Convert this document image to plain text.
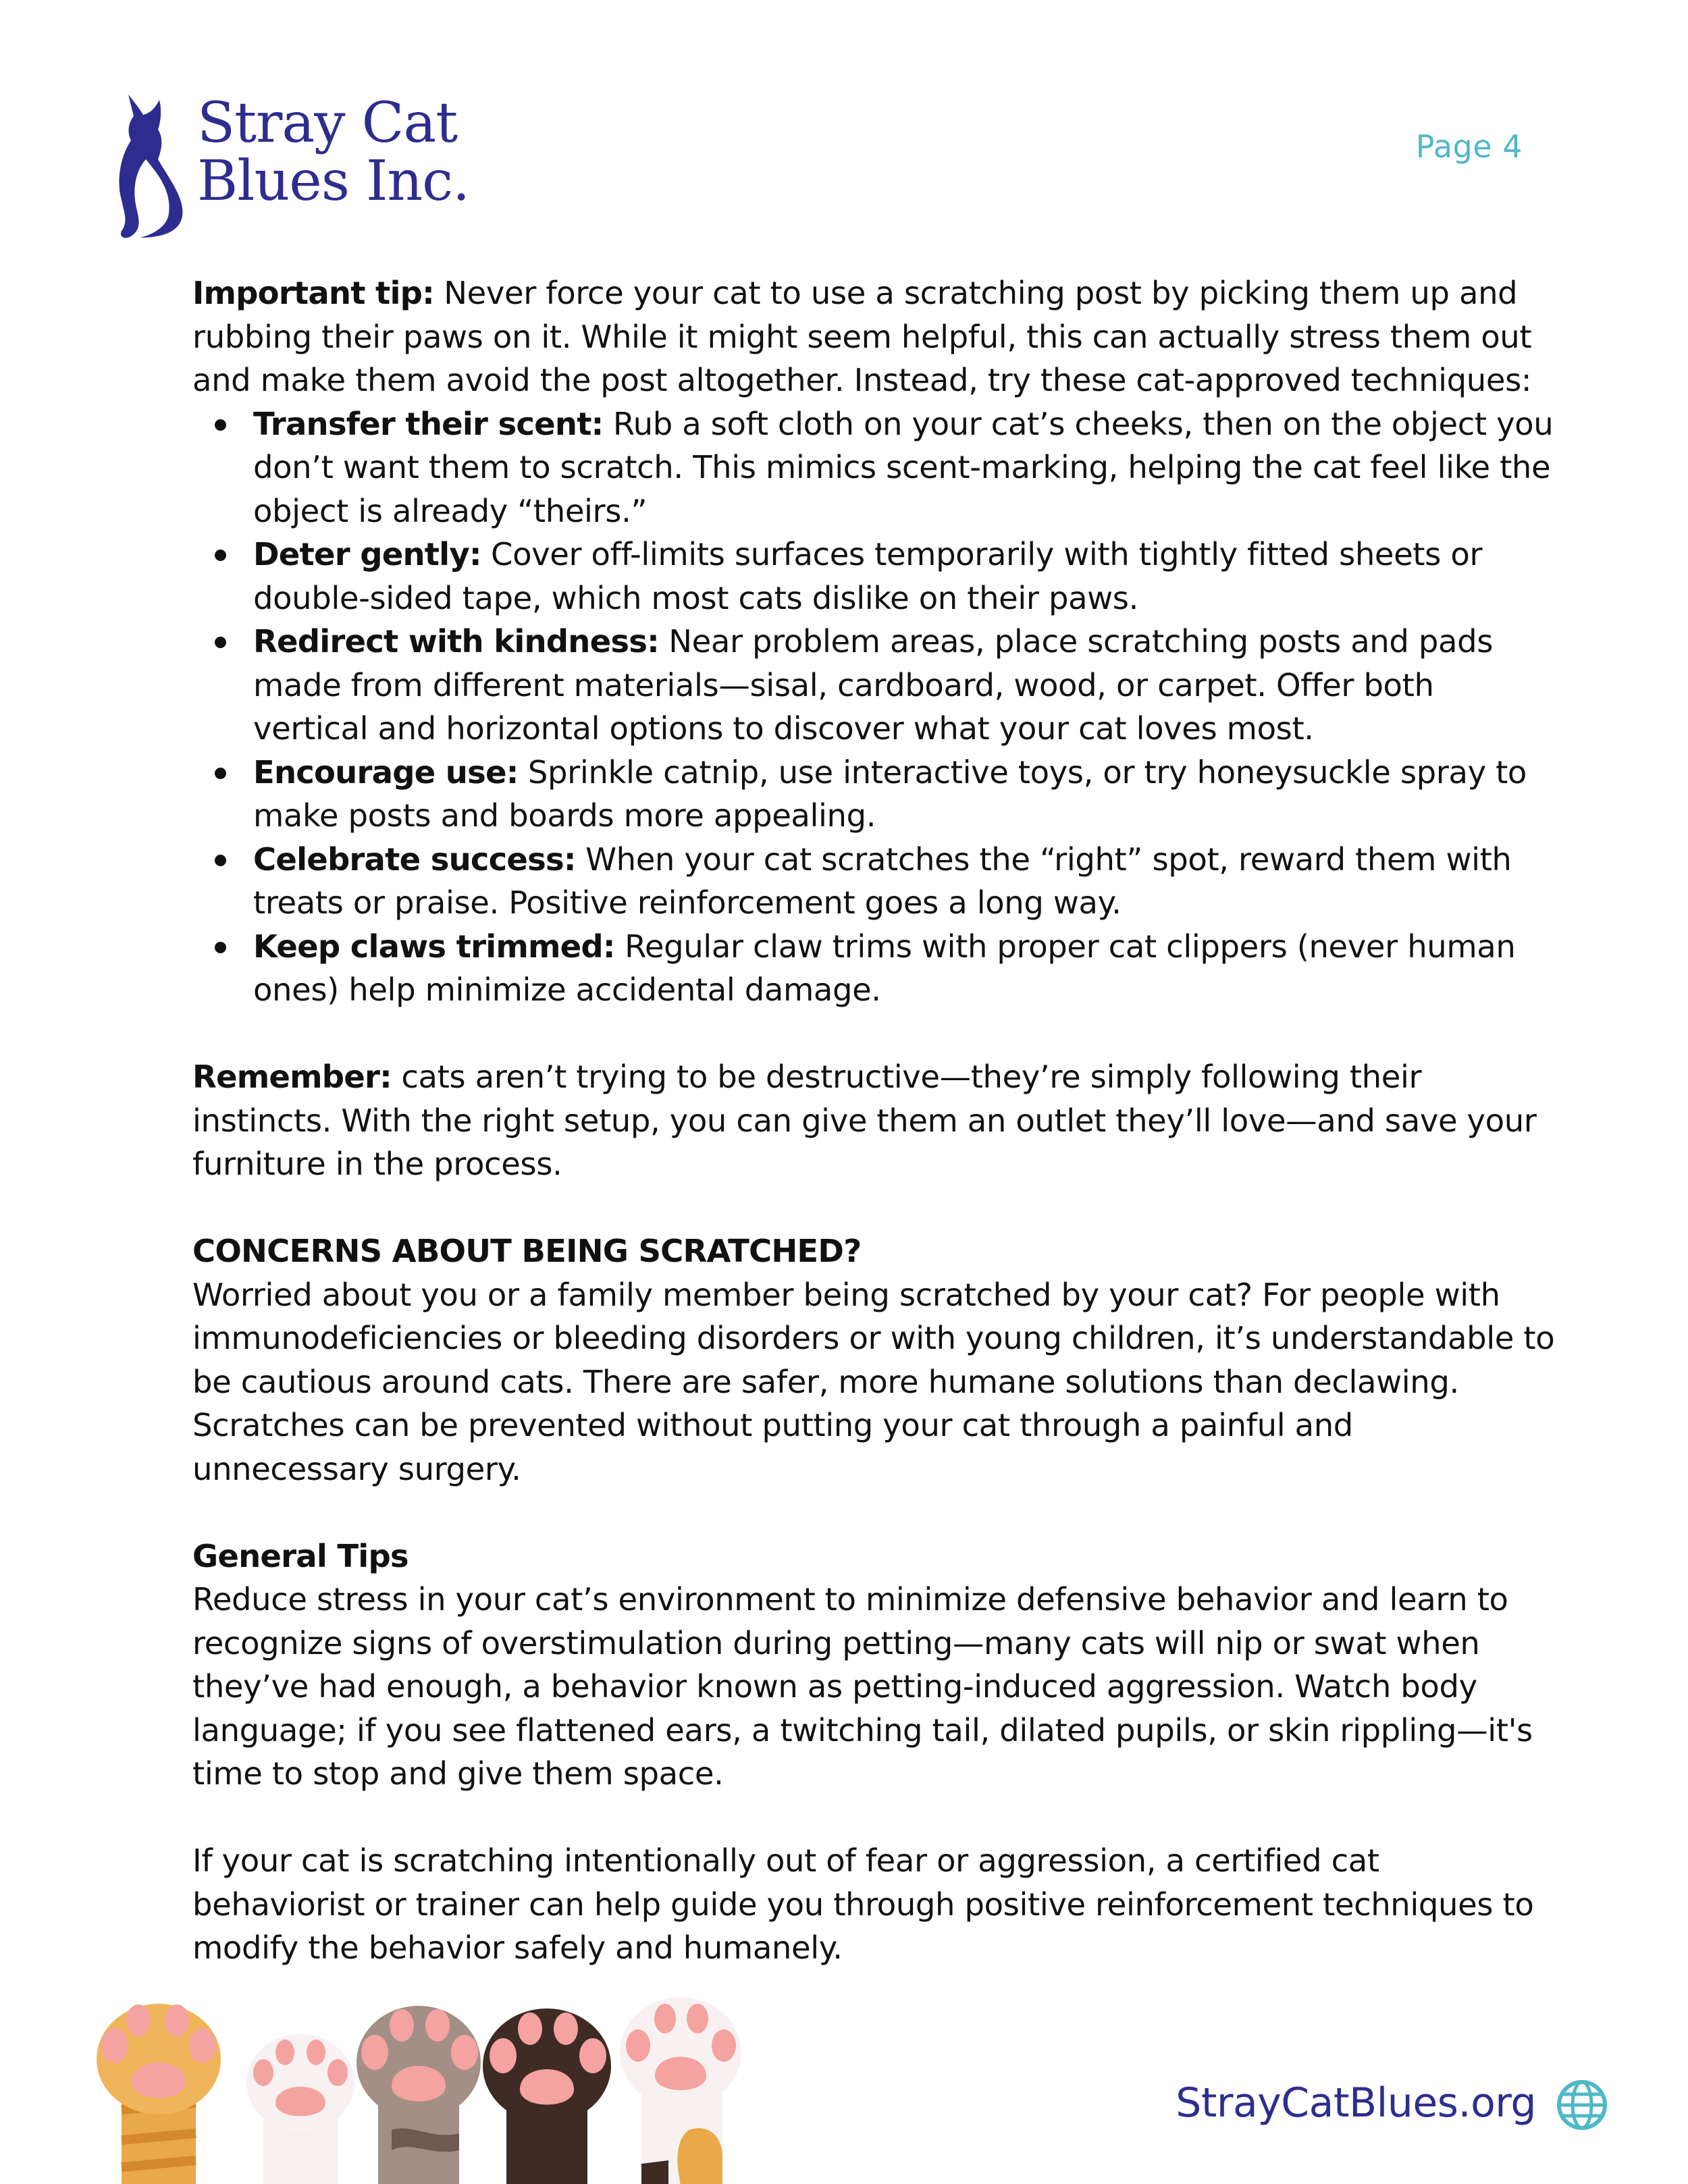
Stray Cat
Blues Inc.
Page 4

Important tip: Never force your cat to use a scratching post by picking them up and rubbing their paws on it. While it might seem helpful, this can actually stress them out and make them avoid the post altogether. Instead, try these cat-approved techniques:

Transfer their scent: Rub a soft cloth on your cat’s cheeks, then on the object you don’t want them to scratch. This mimics scent-marking, helping the cat feel like the object is already “theirs.”
Deter gently: Cover off-limits surfaces temporarily with tightly fitted sheets or double-sided tape, which most cats dislike on their paws.
Redirect with kindness: Near problem areas, place scratching posts and pads made from different materials—sisal, cardboard, wood, or carpet. Offer both vertical and horizontal options to discover what your cat loves most.
Encourage use: Sprinkle catnip, use interactive toys, or try honeysuckle spray to make posts and boards more appealing.
Celebrate success: When your cat scratches the “right” spot, reward them with treats or praise. Positive reinforcement goes a long way.
Keep claws trimmed: Regular claw trims with proper cat clippers (never human ones) help minimize accidental damage.

Remember: cats aren’t trying to be destructive—they’re simply following their instincts. With the right setup, you can give them an outlet they’ll love—and save your furniture in the process.

CONCERNS ABOUT BEING SCRATCHED?

Worried about you or a family member being scratched by your cat? For people with immunodeficiencies or bleeding disorders or with young children, it’s understandable to be cautious around cats. There are safer, more humane solutions than declawing. Scratches can be prevented without putting your cat through a painful and unnecessary surgery.

General Tips

Reduce stress in your cat’s environment to minimize defensive behavior and learn to recognize signs of overstimulation during petting—many cats will nip or swat when they’ve had enough, a behavior known as petting-induced aggression. Watch body language; if you see flattened ears, a twitching tail, dilated pupils, or skin rippling—it's time to stop and give them space.

If your cat is scratching intentionally out of fear or aggression, a certified cat behaviorist or trainer can help guide you through positive reinforcement techniques to modify the behavior safely and humanely.

StrayCatBlues.org
